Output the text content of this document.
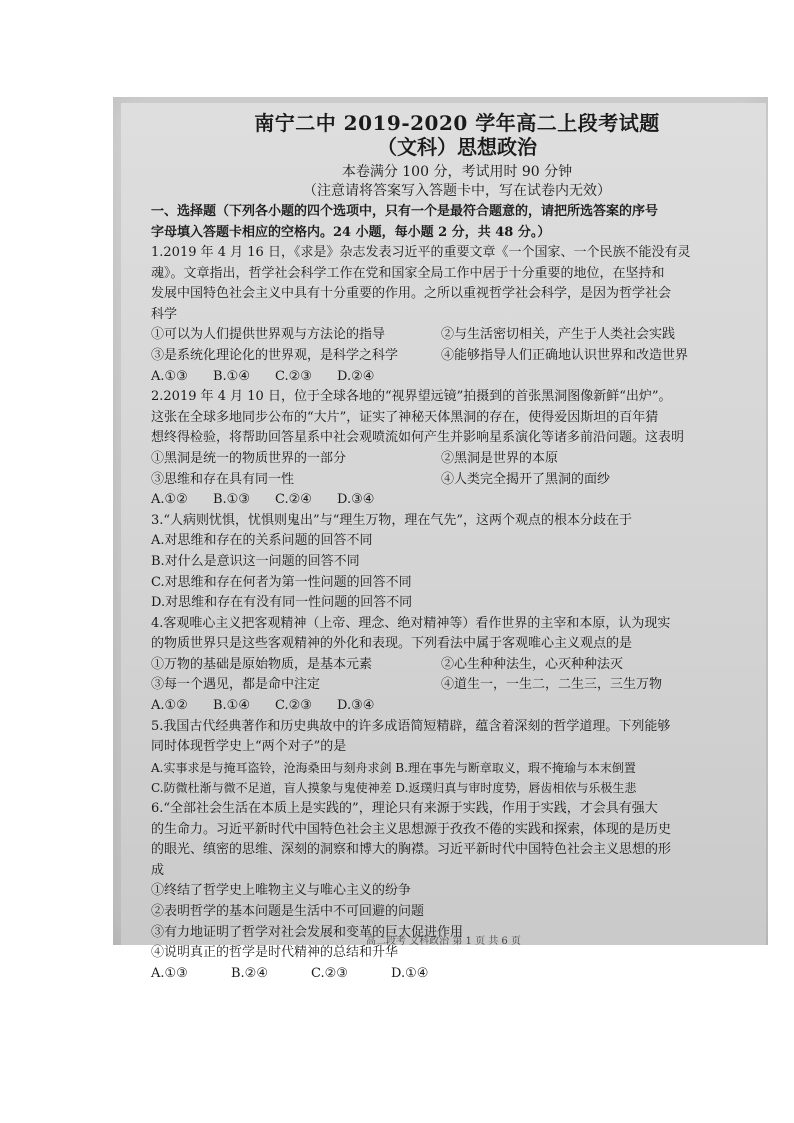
南宁二中 2019-2020 学年高二上段考试题

（文科）思想政治

本卷满分 100 分，考试用时 90 分钟

（注意请将答案写入答题卡中，写在试卷内无效）

一、选择题（下列各小题的四个选项中，只有一个是最符合题意的，请把所选答案的序号

字母填入答题卡相应的空格内。24 小题，每小题 2 分，共 48 分。）

1.2019 年 4 月 16 日，《求是》杂志发表习近平的重要文章《一个国家、一个民族不能没有灵

魂》。文章指出，哲学社会科学工作在党和国家全局工作中居于十分重要的地位，在坚持和

发展中国特色社会主义中具有十分重要的作用。之所以重视哲学社会科学，是因为哲学社会

科学

①可以为人们提供世界观与方法论的指导	②与生活密切相关，产生于人类社会实践
③是系统化理论化的世界观，是科学之科学	④能够指导人们正确地认识世界和改造世界
A.①③	B.①④	C.②③	D.②④

2.2019 年 4 月 10 日，位于全球各地的“视界望远镜”拍摄到的首张黑洞图像新鲜“出炉”。

这张在全球多地同步公布的“大片”，证实了神秘天体黑洞的存在，使得爱因斯坦的百年猜

想终得检验，将帮助回答星系中社会观喷流如何产生并影响星系演化等诸多前沿问题。这表明

①黑洞是统一的物质世界的一部分	②黑洞是世界的本原
③思维和存在具有同一性	④人类完全揭开了黑洞的面纱
A.①②	B.①③	C.②④	D.③④

3.“人病则忧惧，忧惧则鬼出”与“理生万物，理在气先”，这两个观点的根本分歧在于

A.对思维和存在的关系问题的回答不同

B.对什么是意识这一问题的回答不同

C.对思维和存在何者为第一性问题的回答不同

D.对思维和存在有没有同一性问题的回答不同

4.客观唯心主义把客观精神（上帝、理念、绝对精神等）看作世界的主宰和本原，认为现实

的物质世界只是这些客观精神的外化和表现。下列看法中属于客观唯心主义观点的是

①万物的基础是原始物质，是基本元素	②心生种种法生，心灭种种法灭
③每一个遇见，都是命中注定	④道生一，一生二，二生三，三生万物
A.①②	B.①④	C.②③	D.③④

5.我国古代经典著作和历史典故中的许多成语简短精辟，蕴含着深刻的哲学道理。下列能够

同时体现哲学史上“两个对子”的是

A.实事求是与掩耳盗铃，沧海桑田与刻舟求剑 B.理在事先与断章取义，瑕不掩瑜与本末倒置

C.防微杜渐与微不足道，盲人摸象与鬼使神差 D.返璞归真与审时度势，唇齿相依与乐极生悲

6.“全部社会生活在本质上是实践的”，理论只有来源于实践，作用于实践，才会具有强大

的生命力。习近平新时代中国特色社会主义思想源于孜孜不倦的实践和探索，体现的是历史

的眼光、缜密的思维、深刻的洞察和博大的胸襟。习近平新时代中国特色社会主义思想的形

成

①终结了哲学史上唯物主义与唯心主义的纷争

②表明哲学的基本问题是生活中不可回避的问题

③有力地证明了哲学对社会发展和变革的巨大促进作用

④说明真正的哲学是时代精神的总结和升华

A.①③	B.②④	C.②③	D.①④
高二段考 文科政治 第 1 页 共 6 页
